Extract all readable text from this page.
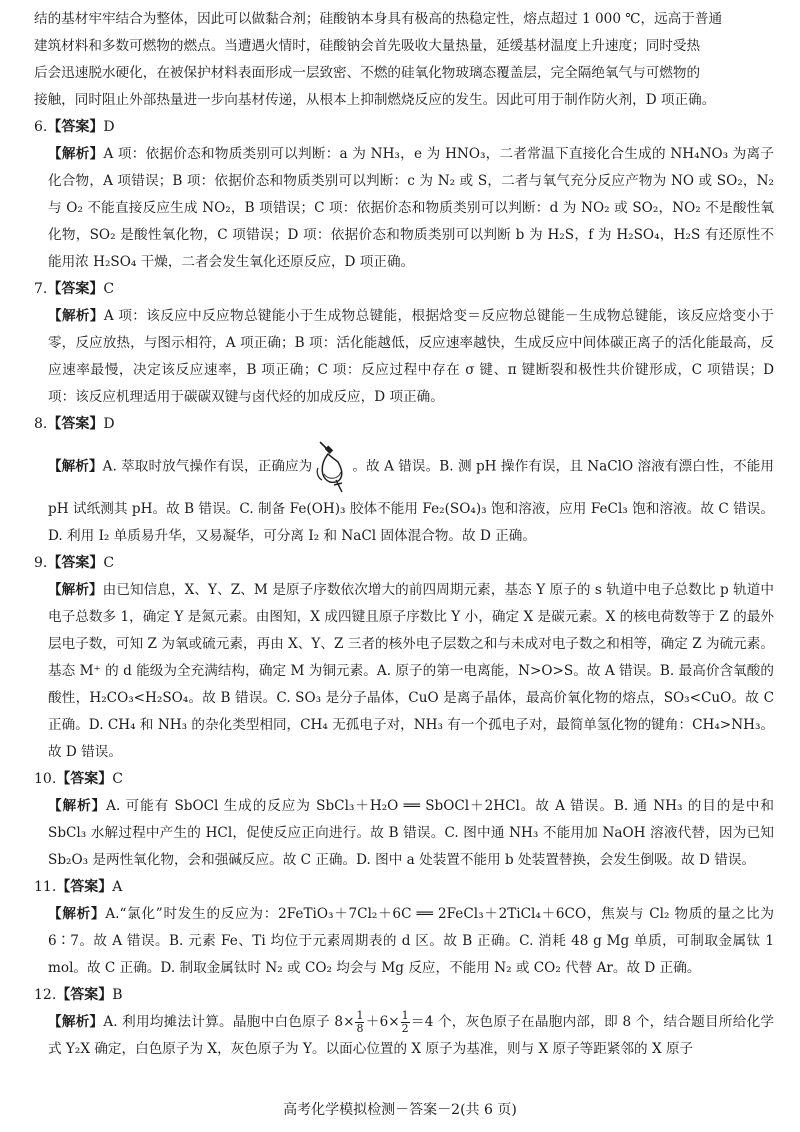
结的基材牢牢结合为整体，因此可以做黏合剂；硅酸钠本身具有极高的热稳定性，熔点超过 1 000 ℃，远高于普通

建筑材料和多数可燃物的燃点。当遭遇火情时，硅酸钠会首先吸收大量热量，延缓基材温度上升速度；同时受热

后会迅速脱水硬化，在被保护材料表面形成一层致密、不燃的硅氧化物玻璃态覆盖层，完全隔绝氧气与可燃物的

接触，同时阻止外部热量进一步向基材传递，从根本上抑制燃烧反应的发生。因此可用于制作防火剂，D 项正确。

6.【答案】D

【解析】A 项：依据价态和物质类别可以判断：a 为 NH₃，e 为 HNO₃，二者常温下直接化合生成的 NH₄NO₃ 为离子化合物，A 项错误；B 项：依据价态和物质类别可以判断：c 为 N₂ 或 S，二者与氧气充分反应产物为 NO 或 SO₂，N₂ 与 O₂ 不能直接反应生成 NO₂，B 项错误；C 项：依据价态和物质类别可以判断：d 为 NO₂ 或 SO₂，NO₂ 不是酸性氧化物，SO₂ 是酸性氧化物，C 项错误；D 项：依据价态和物质类别可以判断 b 为 H₂S，f 为 H₂SO₄，H₂S 有还原性不能用浓 H₂SO₄ 干燥，二者会发生氧化还原反应，D 项正确。

7.【答案】C

【解析】A 项：该反应中反应物总键能小于生成物总键能，根据焓变＝反应物总键能－生成物总键能，该反应焓变小于零，反应放热，与图示相符，A 项正确；B 项：活化能越低，反应速率越快，生成反应中间体碳正离子的活化能最高，反应速率最慢，决定该反应速率，B 项正确；C 项：反应过程中存在 σ 键、π 键断裂和极性共价键形成，C 项错误；D 项：该反应机理适用于碳碳双键与卤代烃的加成反应，D 项正确。

8.【答案】D

【解析】A. 萃取时放气操作有误，正确应为	。故 A 错误。B. 测 pH 操作有误，且 NaClO 溶液有漂白性，不能用pH 试纸测其 pH。故 B 错误。C. 制备 Fe(OH)₃ 胶体不能用 Fe₂(SO₄)₃ 饱和溶液，应用 FeCl₃ 饱和溶液。故 C 错误。D. 利用 I₂ 单质易升华，又易凝华，可分离 I₂ 和 NaCl 固体混合物。故 D 正确。

9.【答案】C

【解析】由已知信息，X、Y、Z、M 是原子序数依次增大的前四周期元素，基态 Y 原子的 s 轨道中电子总数比 p 轨道中电子总数多 1，确定 Y 是氮元素。由图知，X 成四键且原子序数比 Y 小，确定 X 是碳元素。X 的核电荷数等于 Z 的最外层电子数，可知 Z 为氧或硫元素，再由 X、Y、Z 三者的核外电子层数之和与未成对电子数之和相等，确定 Z 为硫元素。基态 M⁺ 的 d 能级为全充满结构，确定 M 为铜元素。A. 原子的第一电离能，N>O>S。故 A 错误。B. 最高价含氧酸的酸性，H₂CO₃<H₂SO₄。故 B 错误。C. SO₃ 是分子晶体，CuO 是离子晶体，最高价氧化物的熔点，SO₃<CuO。故 C 正确。D. CH₄ 和 NH₃ 的杂化类型相同，CH₄ 无孤电子对，NH₃ 有一个孤电子对，最简单氢化物的键角：CH₄>NH₃。故 D 错误。

10.【答案】C

【解析】A. 可能有 SbOCl 生成的反应为 SbCl₃＋H₂O ══ SbOCl＋2HCl。故 A 错误。B. 通 NH₃ 的目的是中和 SbCl₃ 水解过程中产生的 HCl，促使反应正向进行。故 B 错误。C. 图中通 NH₃ 不能用加 NaOH 溶液代替，因为已知 Sb₂O₃ 是两性氧化物，会和强碱反应。故 C 正确。D. 图中 a 处装置不能用 b 处装置替换，会发生倒吸。故 D 错误。

11.【答案】A

【解析】A.“氯化”时发生的反应为：2FeTiO₃＋7Cl₂＋6C ══ 2FeCl₃＋2TiCl₄＋6CO，焦炭与 Cl₂ 物质的量之比为 6∶7。故 A 错误。B. 元素 Fe、Ti 均位于元素周期表的 d 区。故 B 正确。C. 消耗 48 g Mg 单质，可制取金属钛 1 mol。故 C 正确。D. 制取金属钛时 N₂ 或 CO₂ 均会与 Mg 反应，不能用 N₂ 或 CO₂ 代替 Ar。故 D 正确。

12.【答案】B

【解析】A. 利用均摊法计算。晶胞中白色原子 $8\times \frac{1}{8} +6\times \frac{1}{2} =4$ 个，灰色原子在晶胞内部，即 8 个，结合题目所给化学式 Y₂X 确定，白色原子为 X，灰色原子为 Y。以面心位置的 X 原子为基准，则与 X 原子等距紧邻的 X 原子

高考化学模拟检测－答案－2(共 6 页)
